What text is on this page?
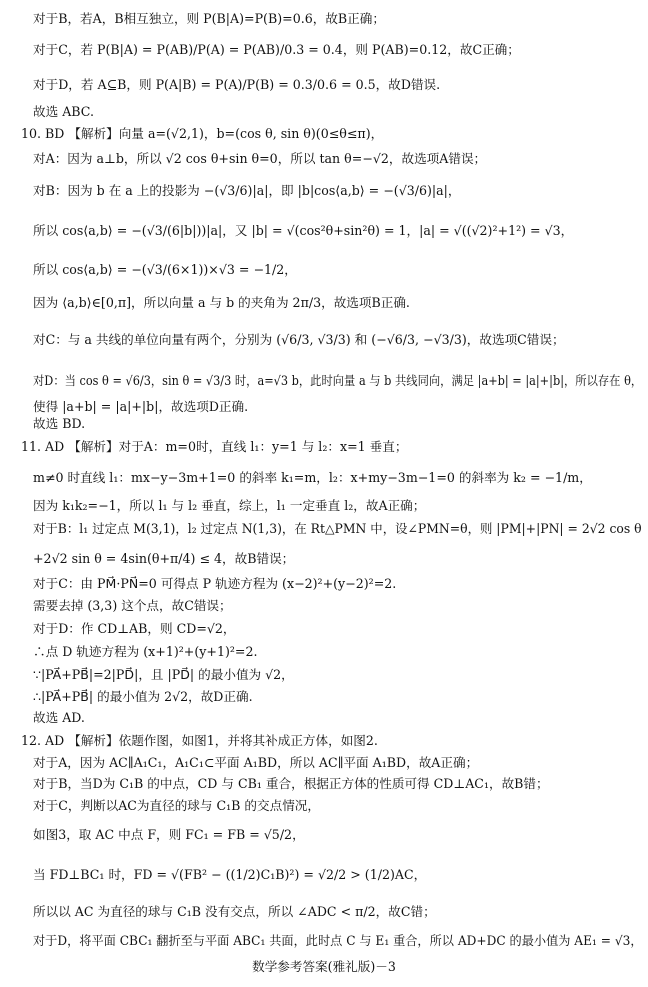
对于B，若A，B相互独立，则 P(B|A)=P(B)=0.6，故B正确；
对于C，若 P(B|A) = P(AB)/P(A) = P(AB)/0.3 = 0.4，则 P(AB)=0.12，故C正确；
对于D，若 A⊆B，则 P(A|B) = P(A)/P(B) = 0.3/0.6 = 0.5，故D错误.
故选 ABC.
10. BD 【解析】向量 a=(√2,1)，b=(cos θ, sin θ)(0≤θ≤π)，
对A：因为 a⊥b，所以 √2 cos θ+sin θ=0，所以 tan θ=−√2，故选项A错误；
对B：因为 b 在 a 上的投影为 −(√3/6)|a|，即 |b|cos⟨a,b⟩ = −(√3/6)|a|，
所以 cos⟨a,b⟩ = −(√3/(6|b|))|a|，又 |b| = √(cos²θ+sin²θ) = 1，|a| = √((√2)²+1²) = √3，
所以 cos⟨a,b⟩ = −(√3/(6×1))×√3 = −1/2，
因为 ⟨a,b⟩∈[0,π]，所以向量 a 与 b 的夹角为 2π/3，故选项B正确.
对C：与 a 共线的单位向量有两个，分别为 (√6/3, √3/3) 和 (−√6/3, −√3/3)，故选项C错误；
对D：当 cos θ = √6/3，sin θ = √3/3 时，a=√3 b，此时向量 a 与 b 共线同向，满足 |a+b| = |a|+|b|，所以存在 θ，
使得 |a+b| = |a|+|b|，故选项D正确.
故选 BD.
11. AD 【解析】对于A：m=0时，直线 l₁：y=1 与 l₂：x=1 垂直；
m≠0 时直线 l₁：mx−y−3m+1=0 的斜率 k₁=m，l₂：x+my−3m−1=0 的斜率为 k₂ = −1/m，
因为 k₁k₂=−1，所以 l₁ 与 l₂ 垂直，综上，l₁ 一定垂直 l₂，故A正确；
对于B：l₁ 过定点 M(3,1)，l₂ 过定点 N(1,3)，在 Rt△PMN 中，设∠PMN=θ，则 |PM|+|PN| = 2√2 cos θ
+2√2 sin θ = 4sin(θ+π/4) ≤ 4，故B错误；
对于C：由 PM⃗·PN⃗=0 可得点 P 轨迹方程为 (x−2)²+(y−2)²=2.
需要去掉 (3,3) 这个点，故C错误；
对于D：作 CD⊥AB，则 CD=√2，
∴点 D 轨迹方程为 (x+1)²+(y+1)²=2.
∵|PA⃗+PB⃗|=2|PD⃗|，且 |PD⃗| 的最小值为 √2，
∴|PA⃗+PB⃗| 的最小值为 2√2，故D正确.
故选 AD.
12. AD 【解析】依题作图，如图1，并将其补成正方体，如图2.
对于A，因为 AC∥A₁C₁，A₁C₁⊂平面 A₁BD，所以 AC∥平面 A₁BD，故A正确；
对于B，当D为 C₁B 的中点，CD 与 CB₁ 重合，根据正方体的性质可得 CD⊥AC₁，故B错；
对于C，判断以AC为直径的球与 C₁B 的交点情况，
如图3，取 AC 中点 F，则 FC₁ = FB = √5/2，
当 FD⊥BC₁ 时，FD = √(FB² − ((1/2)C₁B)²) = √2/2 > (1/2)AC，
所以以 AC 为直径的球与 C₁B 没有交点，所以 ∠ADC < π/2，故C错；
对于D，将平面 CBC₁ 翻折至与平面 ABC₁ 共面，此时点 C 与 E₁ 重合，所以 AD+DC 的最小值为 AE₁ = √3，
数学参考答案(雅礼版)－3
